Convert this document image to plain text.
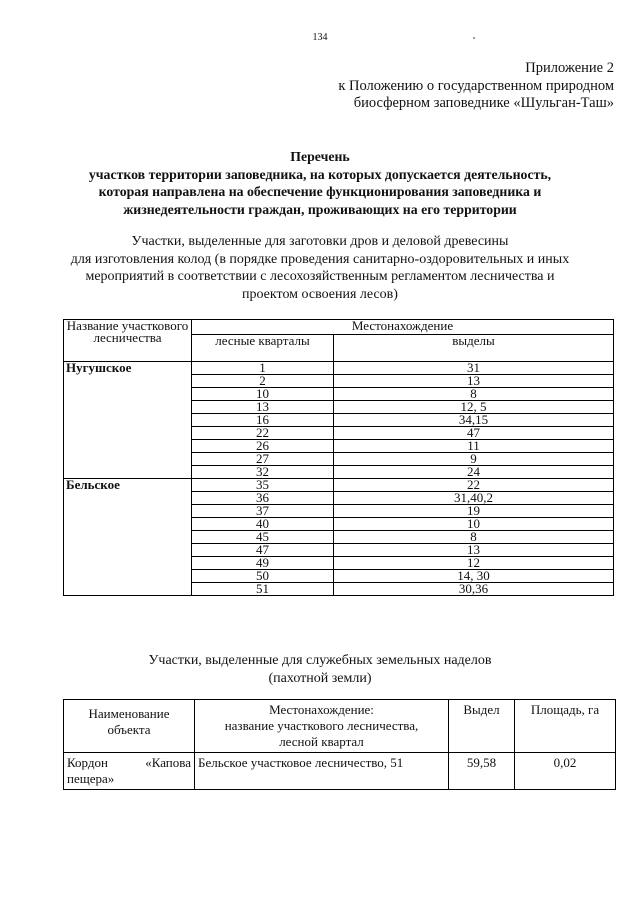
134
Приложение 2
к Положению о государственном природном
биосферном заповеднике «Шульган-Таш»
Перечень
участков территории заповедника, на которых допускается деятельность,
которая направлена на обеспечение функционирования заповедника и
жизнедеятельности граждан, проживающих на его территории
Участки, выделенные для заготовки дров и деловой древесины
для изготовления колод (в порядке проведения санитарно-оздоровительных и иных
мероприятий в соответствии с лесохозяйственным регламентом лесничества и
проектом освоения лесов)
Название участкового лесничества	Местонахождение	
	лесные кварталы	выделы
Нугушское	1	31
	2	13
	10	8
	13	12, 5
	16	34,15
	22	47
	26	11
	27	9
	32	24
Бельское	35	22
	36	31,40,2
	37	19
	40	10
	45	8
	47	13
	49	12
	50	14, 30
	51	30,36
Участки, выделенные для служебных земельных наделов
(пахотной земли)
Наименование объекта	Местонахождение:
название участкового лесничества,
лесной квартал	Выдел	Площадь, га

Кордон «Капова
пещера»	Бельское участковое лесничество, 51	59,58	0,02
